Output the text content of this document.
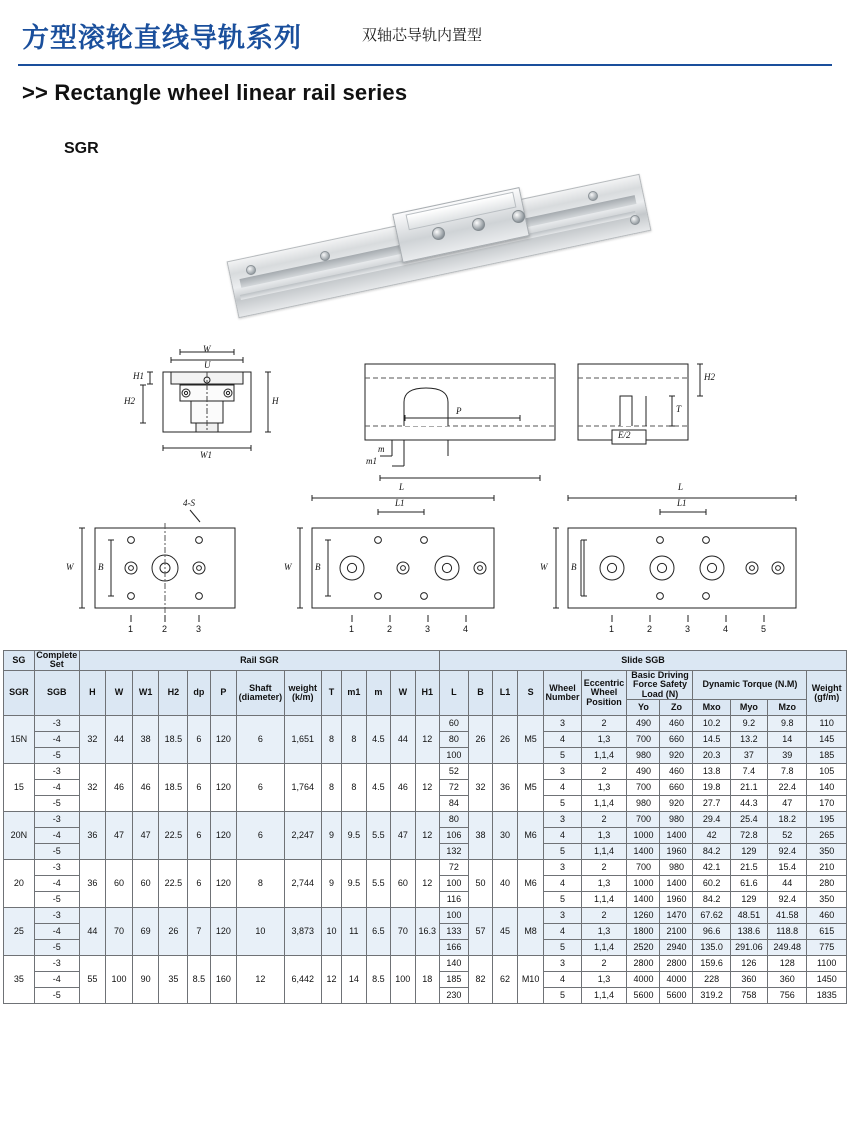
方型滚轮直线导轨系列	双轴芯导轨内置型
>> Rectangle wheel linear rail series
SGR
W
U
H1
H2	H
W1
m
m1
P
E/2
T
H2
4-S
W	B
1	2	3
L
L1
W	B
1	2	3	4
L
L1
W	B
1	2	3	4	5
SG	Complete Set	Rail SGR													Slide SGB											
SGR	SGB	H	W	W1	H2	dp	P	Shaft (diameter)	weight (k/m)	T	m1	m	W	H1	L	B	L1	S	Wheel Number	Eccentric Wheel Position	Basic Driving Force Safety Load (N)		Dynamic Torque (N.M)			Weight (gf/m)
																					Yo	Zo	Mxo	Myo	Mzo	
15N	-3	32	44	38	18.5	6	120	6	1,651	8	8	4.5	44	12	60	26	26	M5	3	2	490	460	10.2	9.2	9.8	110
	-4														80				4	1,3	700	660	14.5	13.2	14	145
	-5														100				5	1,1,4	980	920	20.3	37	39	185
15	-3	32	46	46	18.5	6	120	6	1,764	8	8	4.5	46	12	52	32	36	M5	3	2	490	460	13.8	7.4	7.8	105
	-4														72				4	1,3	700	660	19.8	21.1	22.4	140
	-5														84				5	1,1,4	980	920	27.7	44.3	47	170
20N	-3	36	47	47	22.5	6	120	6	2,247	9	9.5	5.5	47	12	80	38	30	M6	3	2	700	980	29.4	25.4	18.2	195
	-4														106				4	1,3	1000	1400	42	72.8	52	265
	-5														132				5	1,1,4	1400	1960	84.2	129	92.4	350
20	-3	36	60	60	22.5	6	120	8	2,744	9	9.5	5.5	60	12	72	50	40	M6	3	2	700	980	42.1	21.5	15.4	210
	-4														100				4	1,3	1000	1400	60.2	61.6	44	280
	-5														116				5	1,1,4	1400	1960	84.2	129	92.4	350
25	-3	44	70	69	26	7	120	10	3,873	10	11	6.5	70	16.3	100	57	45	M8	3	2	1260	1470	67.62	48.51	41.58	460
	-4														133				4	1,3	1800	2100	96.6	138.6	118.8	615
	-5														166				5	1,1,4	2520	2940	135.0	291.06	249.48	775
35	-3	55	100	90	35	8.5	160	12	6,442	12	14	8.5	100	18	140	82	62	M10	3	2	2800	2800	159.6	126	128	1100
	-4														185				4	1,3	4000	4000	228	360	360	1450
	-5														230				5	1,1,4	5600	5600	319.2	758	756	1835
